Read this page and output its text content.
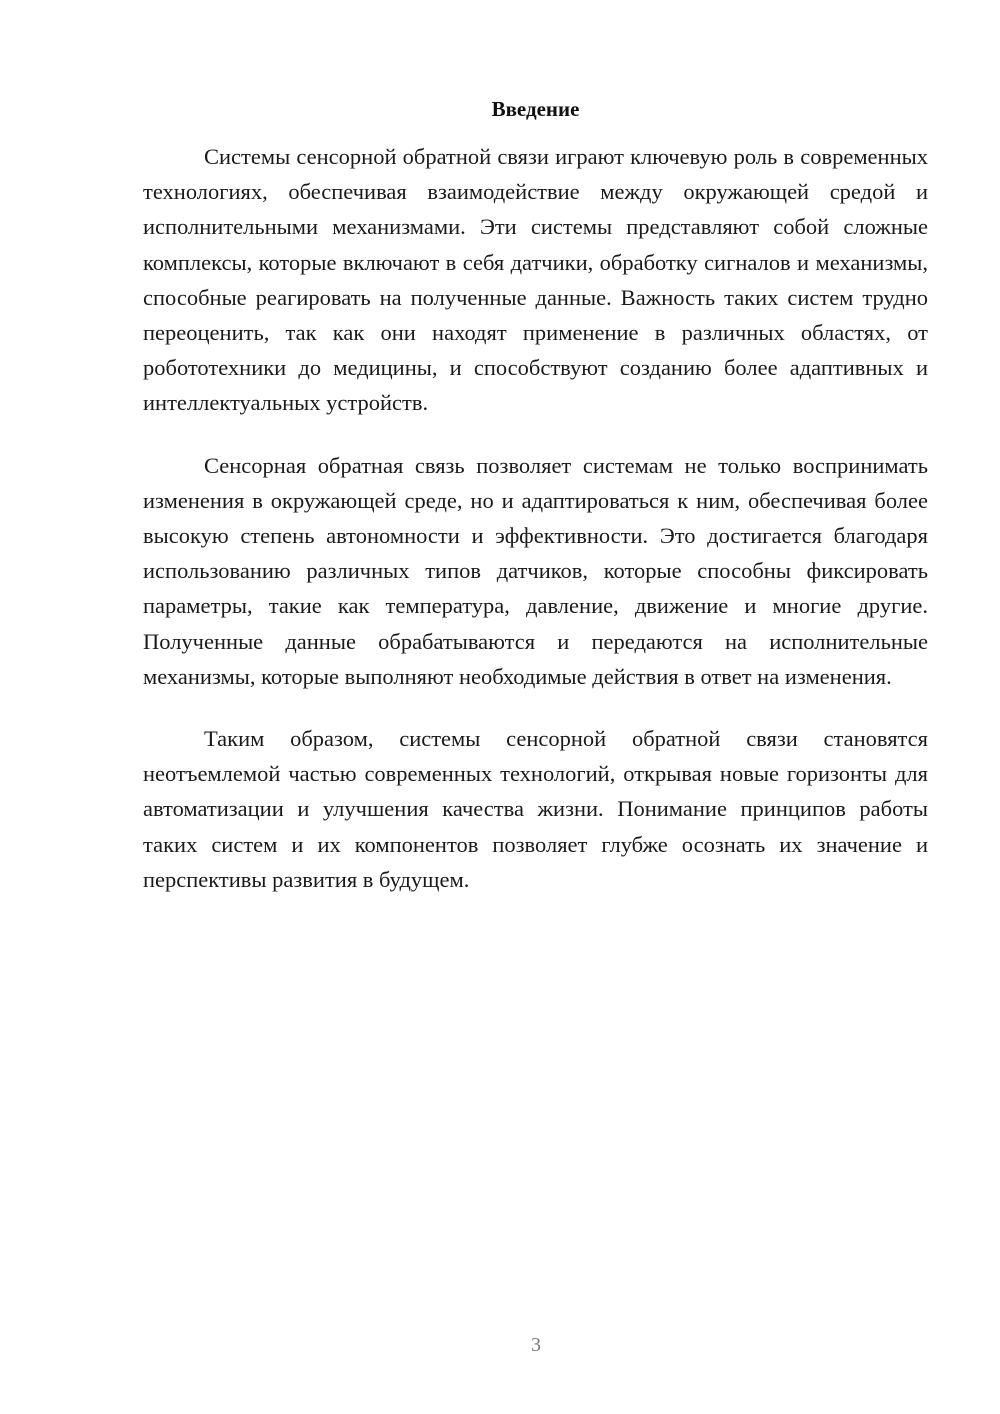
Введение

Системы сенсорной обратной связи играют ключевую роль в современных технологиях, обеспечивая взаимодействие между окружающей средой и исполнительными механизмами. Эти системы представляют собой сложные комплексы, которые включают в себя датчики, обработку сигналов и механизмы, способные реагировать на полученные данные. Важность таких систем трудно переоценить, так как они находят применение в различных областях, от робототехники до медицины, и способствуют созданию более адаптивных и интеллектуальных устройств.

Сенсорная обратная связь позволяет системам не только воспринимать изменения в окружающей среде, но и адаптироваться к ним, обеспечивая более высокую степень автономности и эффективности. Это достигается благодаря использованию различных типов датчиков, которые способны фиксировать параметры, такие как температура, давление, движение и многие другие. Полученные данные обрабатываются и передаются на исполнительные механизмы, которые выполняют необходимые действия в ответ на изменения.

Таким образом, системы сенсорной обратной связи становятся неотъемлемой частью современных технологий, открывая новые горизонты для автоматизации и улучшения качества жизни. Понимание принципов работы таких систем и их компонентов позволяет глубже осознать их значение и перспективы развития в будущем.

3
